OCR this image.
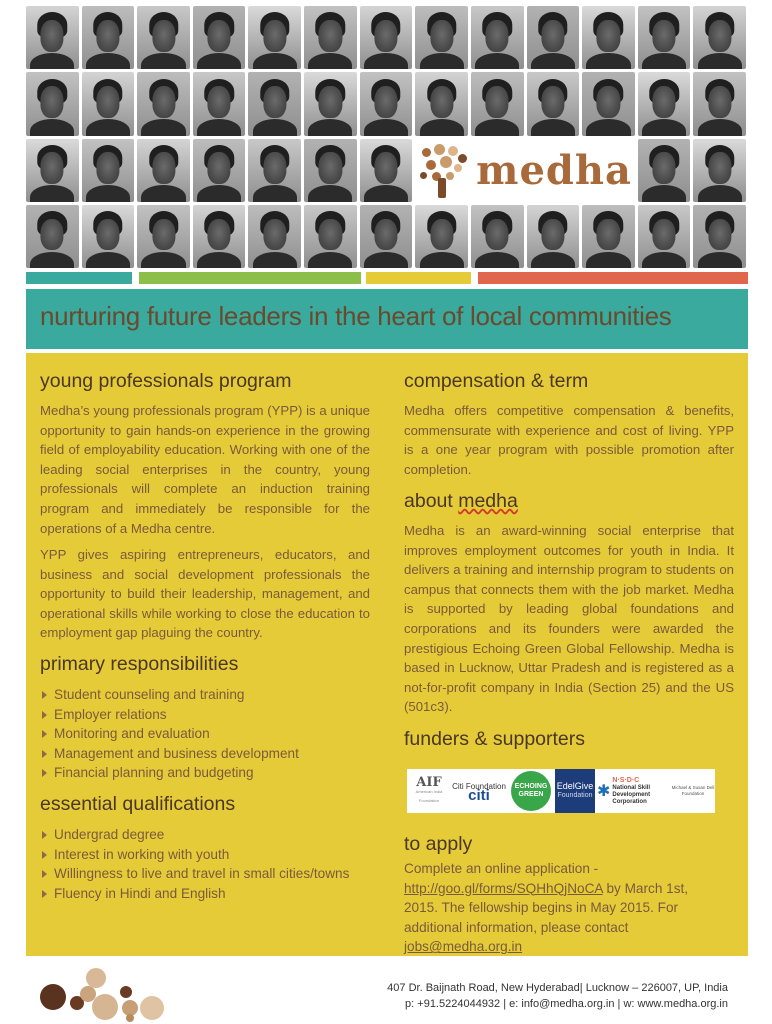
medha
nurturing future leaders in the heart of local communities
young professionals program

Medha’s young professionals program (YPP) is a unique opportunity to gain hands-on experience in the growing field of employability education. Working with one of the leading social enterprises in the country, young professionals will complete an induction training program and immediately be responsible for the operations of a Medha centre.

YPP gives aspiring entrepreneurs, educators, and business and social development professionals the opportunity to build their leadership, management, and operational skills while working to close the education to employment gap plaguing the country.

primary responsibilities
Student counseling and training
Employer relations
Monitoring and evaluation
Management and business development
Financial planning and budgeting
essential qualifications
Undergrad degree
Interest in working with youth
Willingness to live and travel in small cities/towns
Fluency in Hindi and English
compensation & term

Medha offers competitive compensation & benefits, commensurate with experience and cost of living. YPP is a one year program with possible promotion after completion.

about medha

Medha is an award-winning social enterprise that improves employment outcomes for youth in India. It delivers a training and internship program to students on campus that connects them with the job market. Medha is supported by leading global foundations and corporations and its founders were awarded the prestigious Echoing Green Global Fellowship. Medha is based in Lucknow, Uttar Pradesh and is registered as a not-for-profit company in India (Section 25) and the US (501c3).

funders & supporters
to apply

Complete an online application - http://goo.gl/forms/SQHhQjNoCA by March 1st, 2015. The fellowship begins in May 2015. For additional information, please contact jobs@medha.org.in

AIF
American India Foundation
Citi Foundation
citi
ECHOING GREEN
EdelGive
Foundation ✱
N·S·D·C
National Skill Development Corporation
Michael & Susan Dell Foundation
407 Dr. Baijnath Road, New Hyderabad| Lucknow – 226007, UP, India
p: +91.5224044932 | e: info@medha.org.in | w: www.medha.org.in
